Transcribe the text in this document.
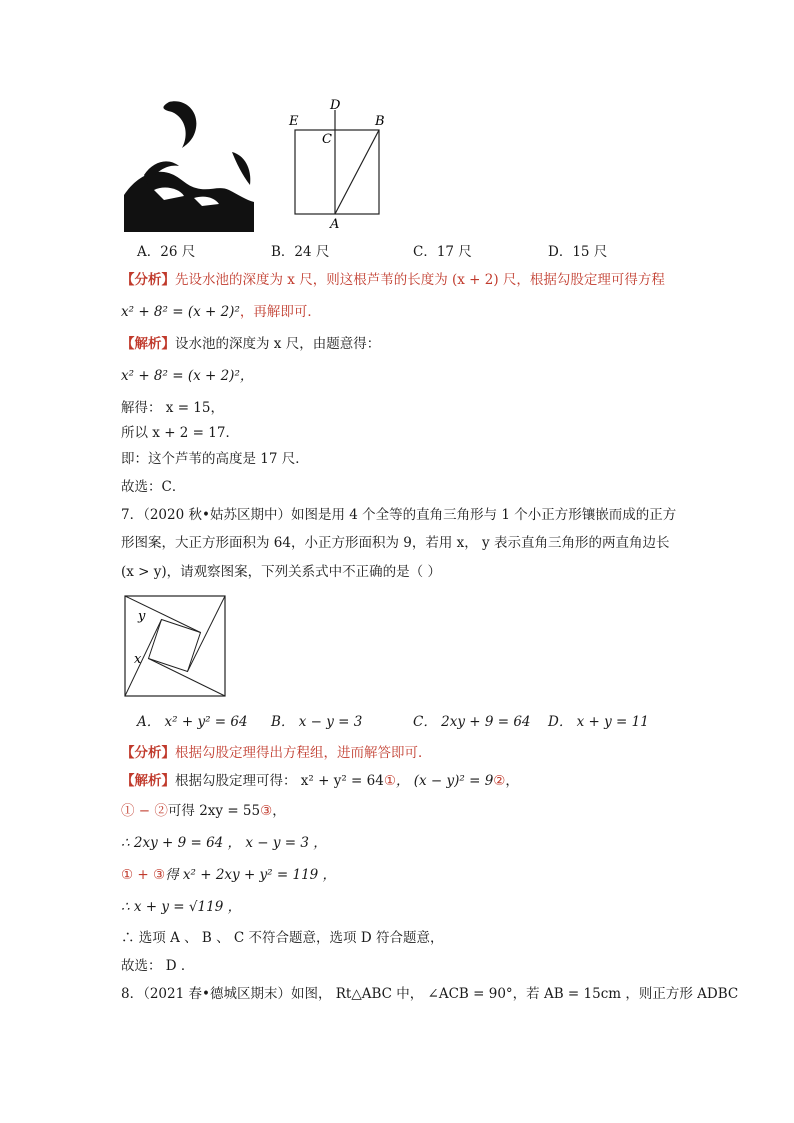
D
E	B
C
A
A．26 尺	B．24 尺	C．17 尺	D．15 尺
【分析】先设水池的深度为 x 尺，则这根芦苇的长度为 (x + 2) 尺，根据勾股定理可得方程
x² + 8² = (x + 2)²，再解即可．
【解析】设水池的深度为 x 尺，由题意得：
x² + 8² = (x + 2)²，
解得： x = 15，
所以 x + 2 = 17．
即：这个芦苇的高度是 17 尺．
故选：C．
7．（2020 秋•姑苏区期中）如图是用 4 个全等的直角三角形与 1 个小正方形镶嵌而成的正方
形图案，大正方形面积为 64，小正方形面积为 9，若用 x， y 表示直角三角形的两直角边长
(x > y)，请观察图案，下列关系式中不正确的是（ ）
y
x
A． x² + y² = 64 B． x − y = 3	C． 2xy + 9 = 64 D． x + y = 11
【分析】根据勾股定理得出方程组，进而解答即可．
【解析】根据勾股定理可得： x² + y² = 64①， (x − y)² = 9②，
① − ②可得 2xy = 55③，
∴ 2xy + 9 = 64 ， x − y = 3 ，
① + ③得 x² + 2xy + y² = 119 ，
∴ x + y = √119 ，
∴ 选项 A 、 B 、 C 不符合题意，选项 D 符合题意，
故选： D ．
8．（2021 春•德城区期末）如图， Rt△ABC 中， ∠ACB = 90°，若 AB = 15cm ，则正方形 ADBC
